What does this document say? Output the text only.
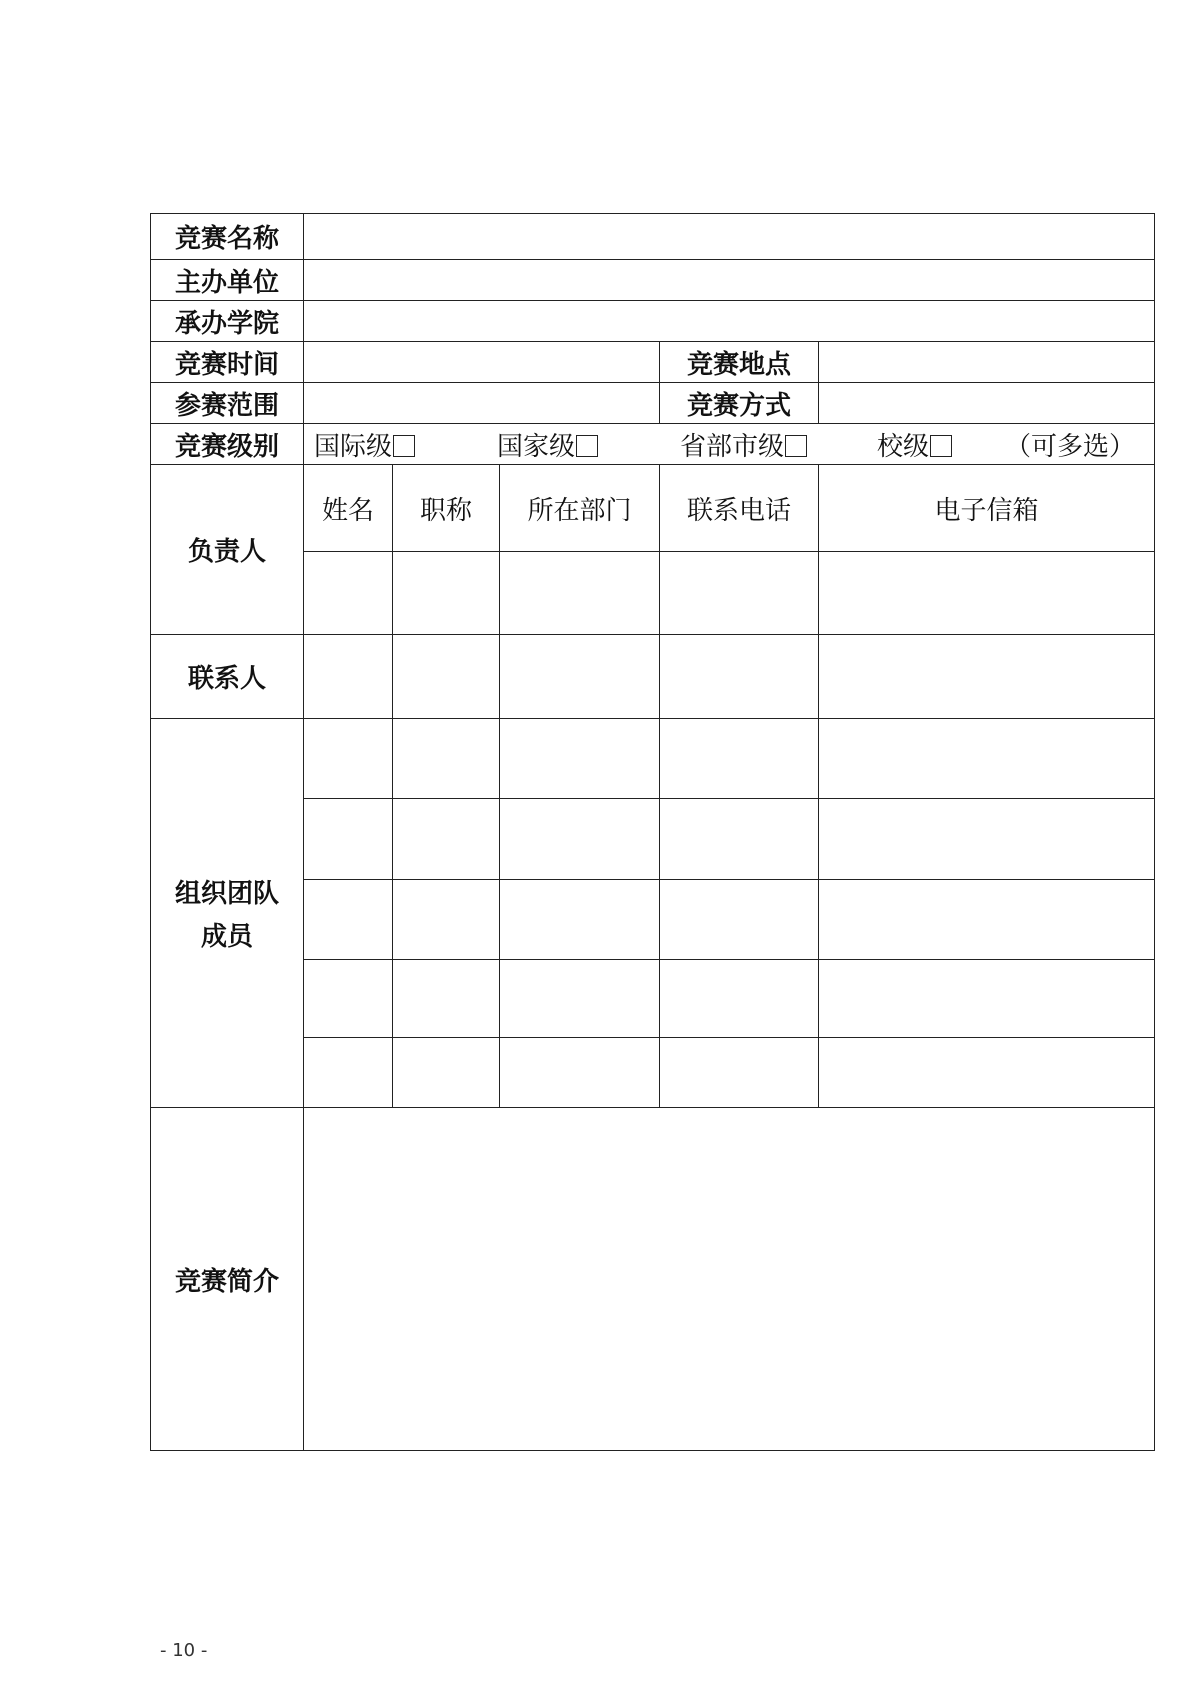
竞赛名称					
主办单位					
承办学院					
竞赛时间				竞赛地点	
参赛范围				竞赛方式	
竞赛级别	国际级 国家级 省部市级 校级 （可多选）				
负责人	姓名	职称	所在部门	联系电话	电子信箱

联系人					

组织团队
成员					

竞赛简介					
- 10 -
